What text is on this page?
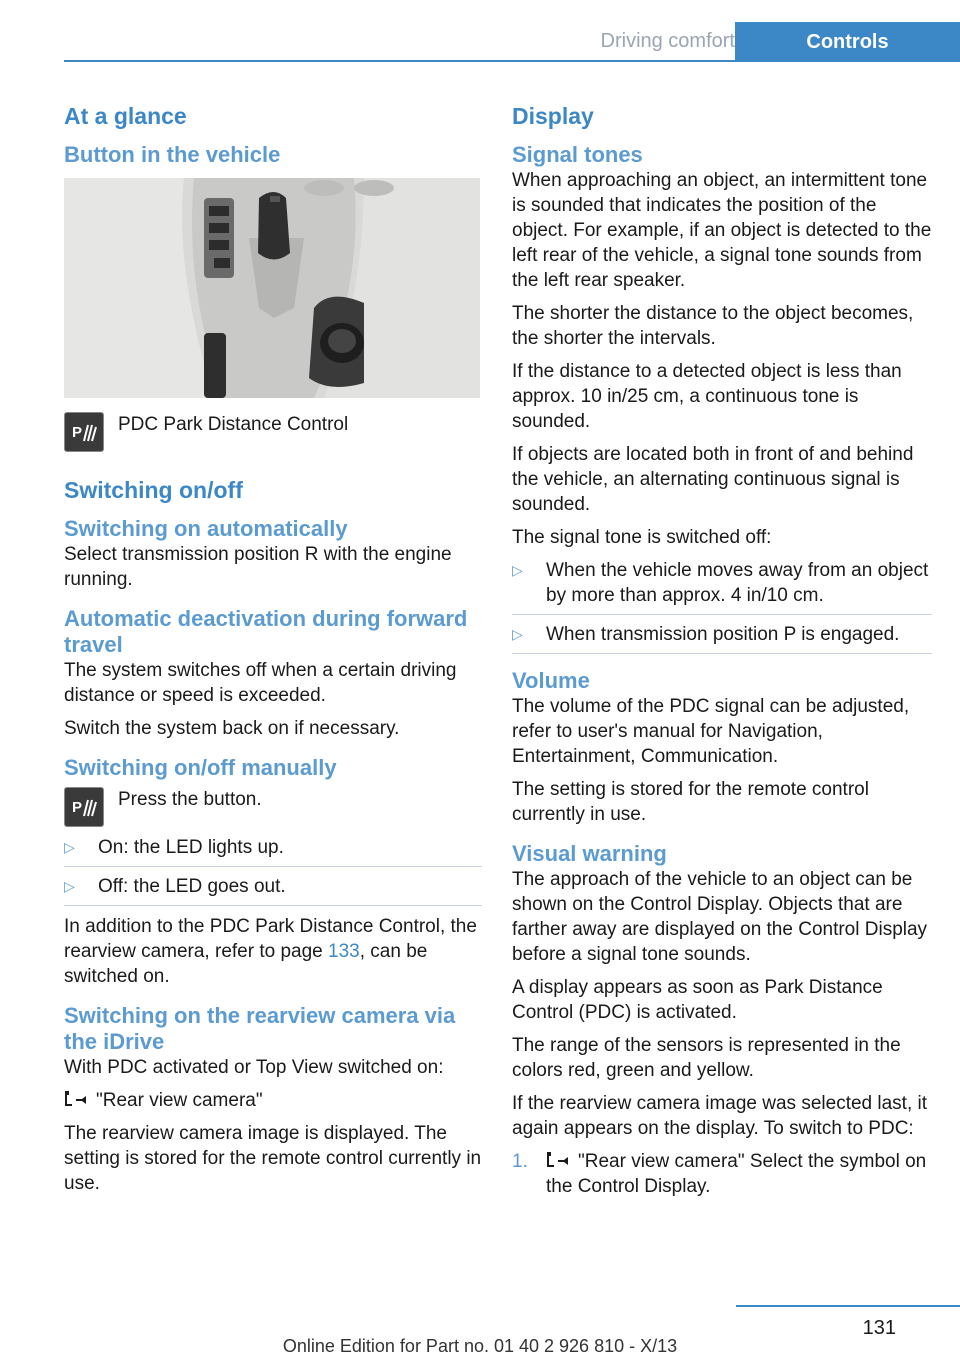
Driving comfort	Controls
At a glance
Button in the vehicle
P PDC Park Distance Control
Switching on/off
Switching on automatically

Select transmission position R with the engine running.

Automatic deactivation during forward travel

The system switches off when a certain driving distance or speed is exceeded.

Switch the system back on if necessary.

Switching on/off manually
P Press the button.
▷ On: the LED lights up.
▷ Off: the LED goes out.

In addition to the PDC Park Distance Control, the rearview camera, refer to page 133, can be switched on.

Switching on the rearview camera via the iDrive

With PDC activated or Top View switched on:

"Rear view camera"

The rearview camera image is displayed. The setting is stored for the remote control currently in use.

Display
Signal tones

When approaching an object, an intermittent tone is sounded that indicates the position of the object. For example, if an object is detected to the left rear of the vehicle, a signal tone sounds from the left rear speaker.

The shorter the distance to the object becomes, the shorter the intervals.

If the distance to a detected object is less than approx. 10 in/25 cm, a continuous tone is sounded.

If objects are located both in front of and behind the vehicle, an alternating continuous signal is sounded.

The signal tone is switched off:

▷ When the vehicle moves away from an object by more than approx. 4 in/10 cm.
▷ When transmission position P is engaged.
Volume

The volume of the PDC signal can be adjusted, refer to user's manual for Navigation, Entertainment, Communication.

The setting is stored for the remote control currently in use.

Visual warning

The approach of the vehicle to an object can be shown on the Control Display. Objects that are farther away are displayed on the Control Display before a signal tone sounds.

A display appears as soon as Park Distance Control (PDC) is activated.

The range of the sensors is represented in the colors red, green and yellow.

If the rearview camera image was selected last, it again appears on the display. To switch to PDC:

1.	"Rear view camera" Select the symbol on the Control Display.
131
Online Edition for Part no. 01 40 2 926 810 - X/13
